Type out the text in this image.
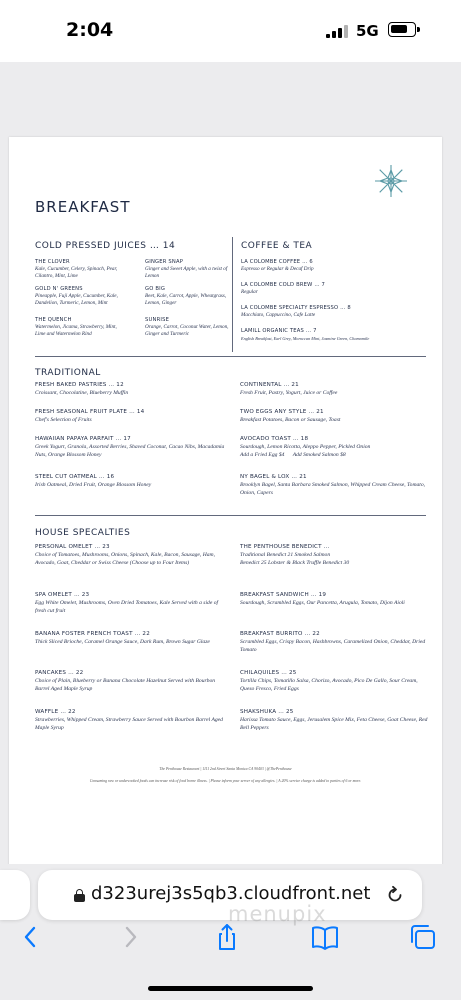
2:04	5G
BREAKFAST
COLD PRESSED JUICES … 14	COFFEE & TEA
THE CLOVER
Kale, Cucumber, Celery, Spinach, Pear, Cilantro, Mint, Lime
GINGER SNAP
Ginger and Sweet Apple, with a twist of Lemon
GOLD N' GREENS
Pineapple, Fuji Apple, Cucumber, Kale, Dandelion, Turmeric, Lemon, Mint
GO BIG
Beet, Kale, Carrot, Apple, Wheatgrass, Lemon, Ginger
THE QUENCH
Watermelon, Jicama, Strawberry, Mint, Lime and Watermelon Rind
SUNRISE
Orange, Carrot, Coconut Water, Lemon, Ginger and Turmeric
LA COLOMBE COFFEE … 6
Espresso or Regular & Decaf Drip
LA COLOMBE COLD BREW … 7
Regular
LA COLOMBE SPECIALTY ESPRESSO … 8
Macchiato, Cappuccino, Cafe Latte
LAMILL ORGANIC TEAS … 7
English Breakfast, Earl Grey, Moroccan Mint, Jasmine Green, Chamomile
TRADITIONAL
FRESH BAKED PASTRIES … 12
Croissant, Chocolatine, Blueberry Muffin
FRESH SEASONAL FRUIT PLATE … 14
Chef's Selection of Fruits
HAWAIIAN PAPAYA PARFAIT … 17
Greek Yogurt, Granola, Assorted Berries, Shaved Coconut, Cacao Nibs, Macadamia Nuts, Orange Blossom Honey
STEEL CUT OATMEAL … 16
Irish Oatmeal, Dried Fruit, Orange Blossom Honey
CONTINENTAL … 21
Fresh Fruit, Pastry, Yogurt, Juice or Coffee
TWO EGGS ANY STYLE … 21
Breakfast Potatoes, Bacon or Sausage, Toast
AVOCADO TOAST … 18
Sourdough, Lemon Ricotta, Aleppo Pepper, Pickled Onion
Add a Fried Egg $4      Add Smoked Salmon $8
NY BAGEL & LOX … 21
Brooklyn Bagel, Santa Barbara Smoked Salmon, Whipped Cream Cheese, Tomato, Onion, Capers
HOUSE SPECALTIES
PERSONAL OMELET … 23
Choice of Tomatoes, Mushrooms, Onions, Spinach, Kale, Bacon, Sausage, Ham, Avocado, Goat, Cheddar or Swiss Cheese (Choose up to Four Items)
SPA OMELET … 23
Egg White Omelet, Mushrooms, Oven Dried Tomatoes, Kale Served with a side of fresh cut fruit
BANANA FOSTER FRENCH TOAST … 22
Thick Sliced Brioche, Caramel Orange Sauce, Dark Rum, Brown Sugar Glaze
PANCAKES … 22
Choice of Plain, Blueberry or Banana Chocolate Hazelnut Served with Bourbon Barrel Aged Maple Syrup
WAFFLE … 22
Strawberries, Whipped Cream, Strawberry Sauce Served with Bourbon Barrel Aged Maple Syrup
THE PENTHOUSE BENEDICT …
Traditional Benedict 21 Smoked Salmon Benedict 25 Lobster & Black Truffle Benedict 30
BREAKFAST SANDWICH … 19
Sourdough, Scrambled Eggs, Our Pancetta, Arugula, Tomato, Dijon Aioli
BREAKFAST BURRITO … 22
Scrambled Eggs, Crispy Bacon, Hashbrowns, Caramelized Onion, Cheddar, Dried Tomato
CHILAQUILES … 25
Tortilla Chips, Tomatillo Salsa, Chorizo, Avocado, Pico De Gallo, Sour Cream, Queso Fresco, Fried Eggs
SHAKSHUKA … 25
Harissa Tomato Sauce, Eggs, Jerusalem Spice Mix, Feta Cheese, Goat Cheese, Red Bell Peppers
The Penthouse Restaurant | 1111 2nd Street Santa Monica CA 90403 | @ThePenthouse
Consuming raw or undercooked foods can increase risk of food borne illness. | Please inform your server of any allergies. | A 20% service charge is added to parties of 6 or more.
d323urej3s5qb3.cloudfront.net
menupix
